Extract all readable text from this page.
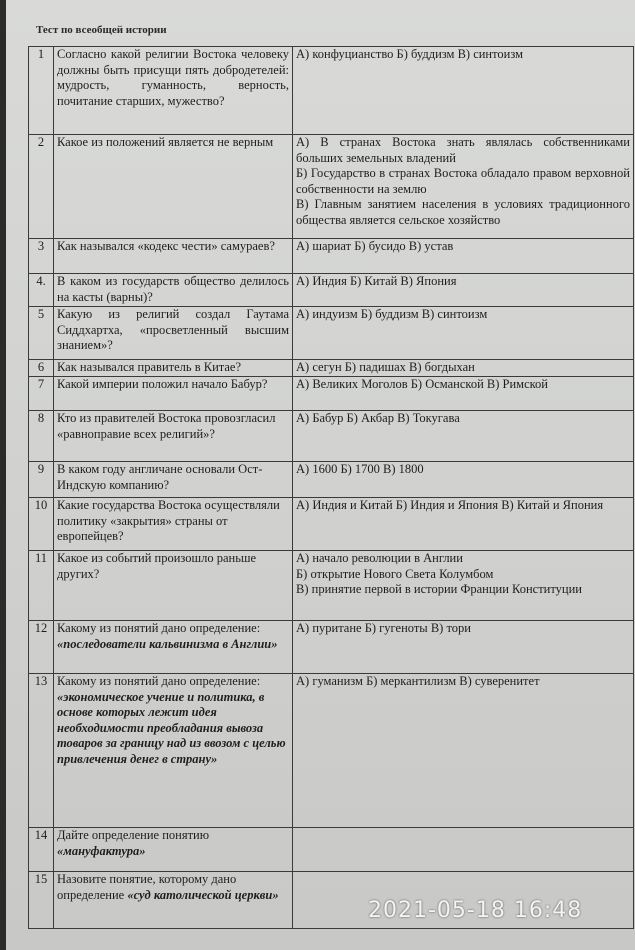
Тест по всеобщей истории
1	Согласно какой религии Востока человеку должны быть присущи пять добродетелей: мудрость, гуманность, верность, почитание старших, мужество?	А) конфуцианство Б) буддизм В) синтоизм

2	Какое из положений является не верным	А) В странах Востока знать являлась собственниками больших земельных владений
Б) Государство в странах Востока обладало правом верховной собственности на землю
В) Главным занятием населения в условиях традиционного общества является сельское хозяйство

3	Как назывался «кодекс чести» самураев?	А) шариат Б) бусидо В) устав

4.	В каком из государств общество делилось на касты (варны)?	А) Индия Б) Китай В) Япония

5	Какую из религий создал Гаутама Сиддхартха, «просветленный высшим знанием»?	А) индуизм Б) буддизм В) синтоизм

6	Как назывался правитель в Китае?	А) сегун Б) падишах В) богдыхан

7	Какой империи положил начало Бабур?	А) Великих Моголов Б) Османской В) Римской

8	Кто из правителей Востока провозгласил «равноправие всех религий»?	А) Бабур Б) Акбар В) Токугава

9	В каком году англичане основали Ост-Индскую компанию?	А) 1600 Б) 1700 В) 1800

10	Какие государства Востока осуществляли политику «закрытия» страны от европейцев?	А) Индия и Китай Б) Индия и Япония В) Китай и Япония

11	Какое из событий произошло раньше других?	А) начало революции в Англии
Б) открытие Нового Света Колумбом
В) принятие первой в истории Франции Конституции

12	Какому из понятий дано определение: «последователи кальвинизма в Англии»	А) пуритане Б) гугеноты В) тори

13	Какому из понятий дано определение: «экономическое учение и политика, в основе которых лежит идея необходимости преобладания вывоза товаров за границу над из ввозом с целью привлечения денег в страну»	А) гуманизм Б) меркантилизм В) суверенитет

14	Дайте определение понятию «мануфактура»	
15	Назовите понятие, которому дано определение «суд католической церкви»	
2021-05-18 16:48
